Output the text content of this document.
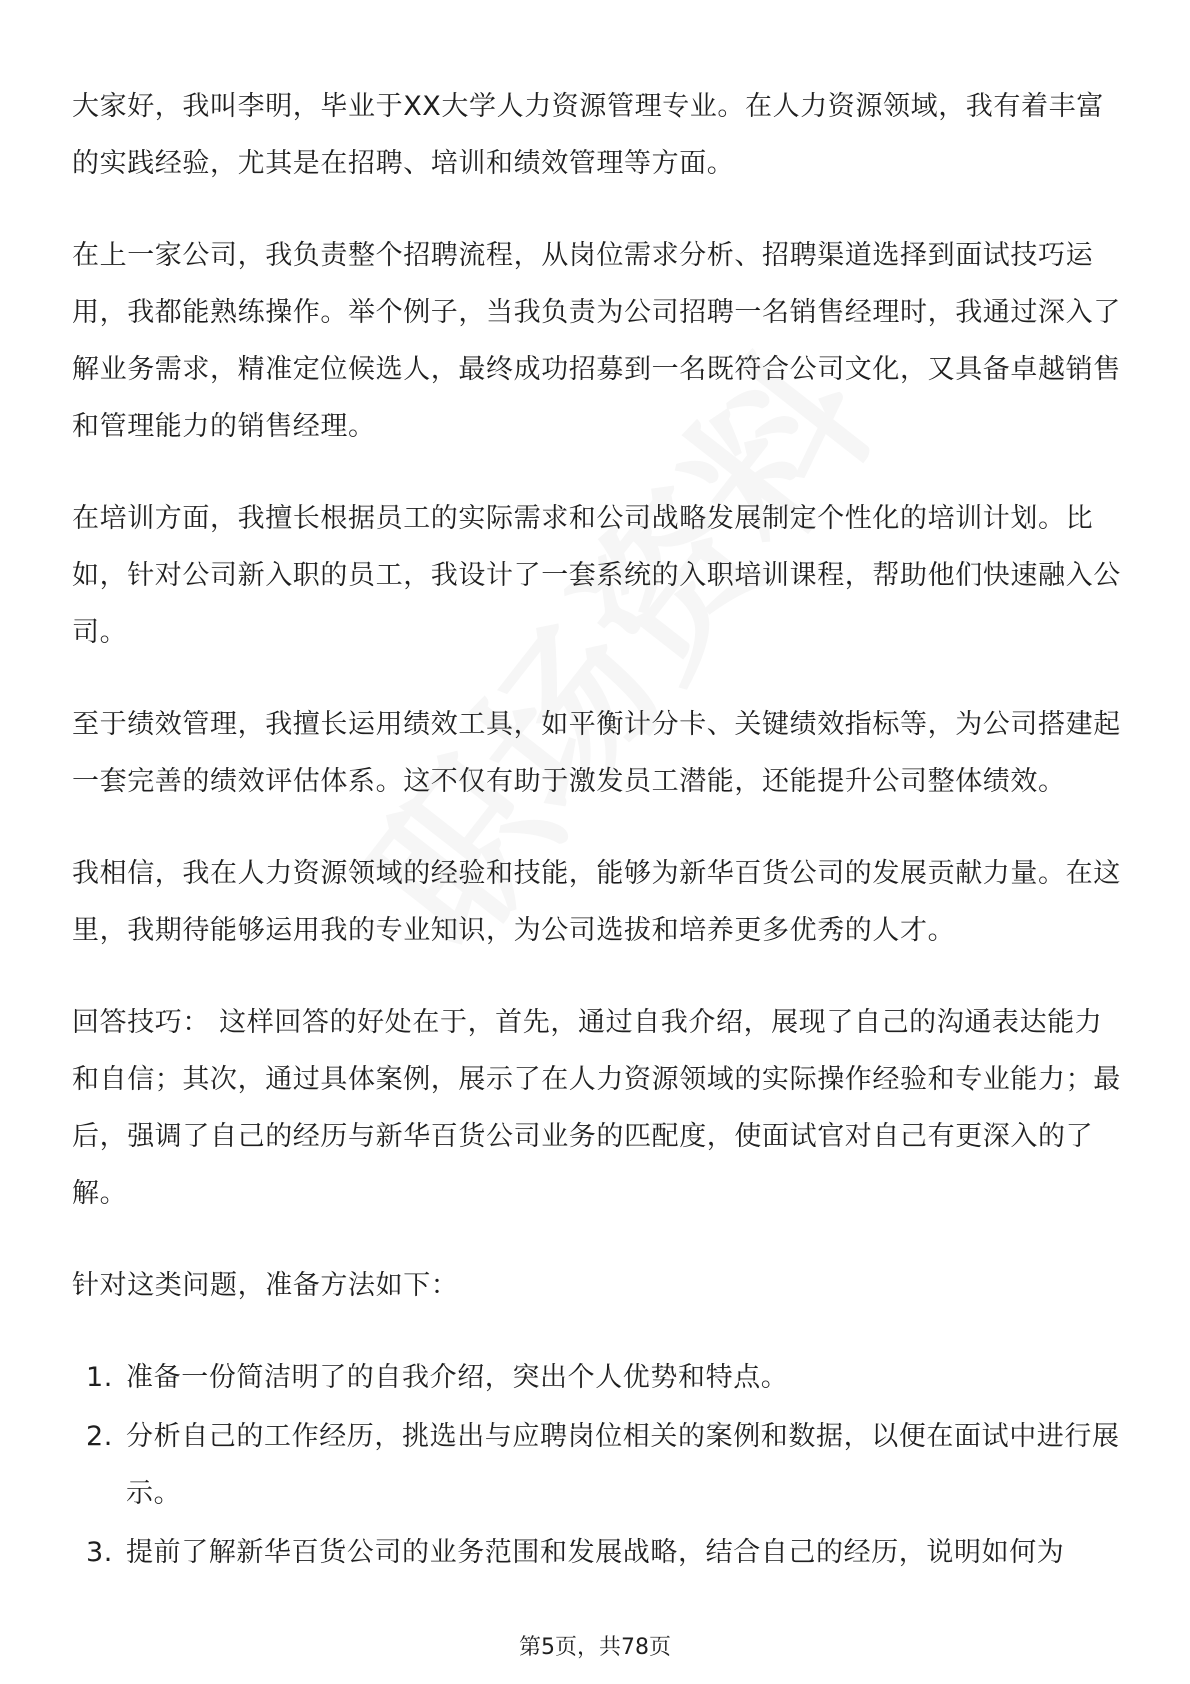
大家好，我叫李明，毕业于XX大学人力资源管理专业。在人力资源领域，我有着丰富的实践经验，尤其是在招聘、培训和绩效管理等方面。

在上一家公司，我负责整个招聘流程，从岗位需求分析、招聘渠道选择到面试技巧运用，我都能熟练操作。举个例子，当我负责为公司招聘一名销售经理时，我通过深入了解业务需求，精准定位候选人，最终成功招募到一名既符合公司文化，又具备卓越销售和管理能力的销售经理。

在培训方面，我擅长根据员工的实际需求和公司战略发展制定个性化的培训计划。比如，针对公司新入职的员工，我设计了一套系统的入职培训课程，帮助他们快速融入公司。

至于绩效管理，我擅长运用绩效工具，如平衡计分卡、关键绩效指标等，为公司搭建起一套完善的绩效评估体系。这不仅有助于激发员工潜能，还能提升公司整体绩效。

我相信，我在人力资源领域的经验和技能，能够为新华百货公司的发展贡献力量。在这里，我期待能够运用我的专业知识，为公司选拔和培养更多优秀的人才。

回答技巧： 这样回答的好处在于，首先，通过自我介绍，展现了自己的沟通表达能力和自信；其次，通过具体案例，展示了在人力资源领域的实际操作经验和专业能力；最后，强调了自己的经历与新华百货公司业务的匹配度，使面试官对自己有更深入的了解。

针对这类问题，准备方法如下：

1. 准备一份简洁明了的自我介绍，突出个人优势和特点。
2. 分析自己的工作经历，挑选出与应聘岗位相关的案例和数据，以便在面试中进行展示。
3. 提前了解新华百货公司的业务范围和发展战略，结合自己的经历，说明如何为
第5页，共78页
